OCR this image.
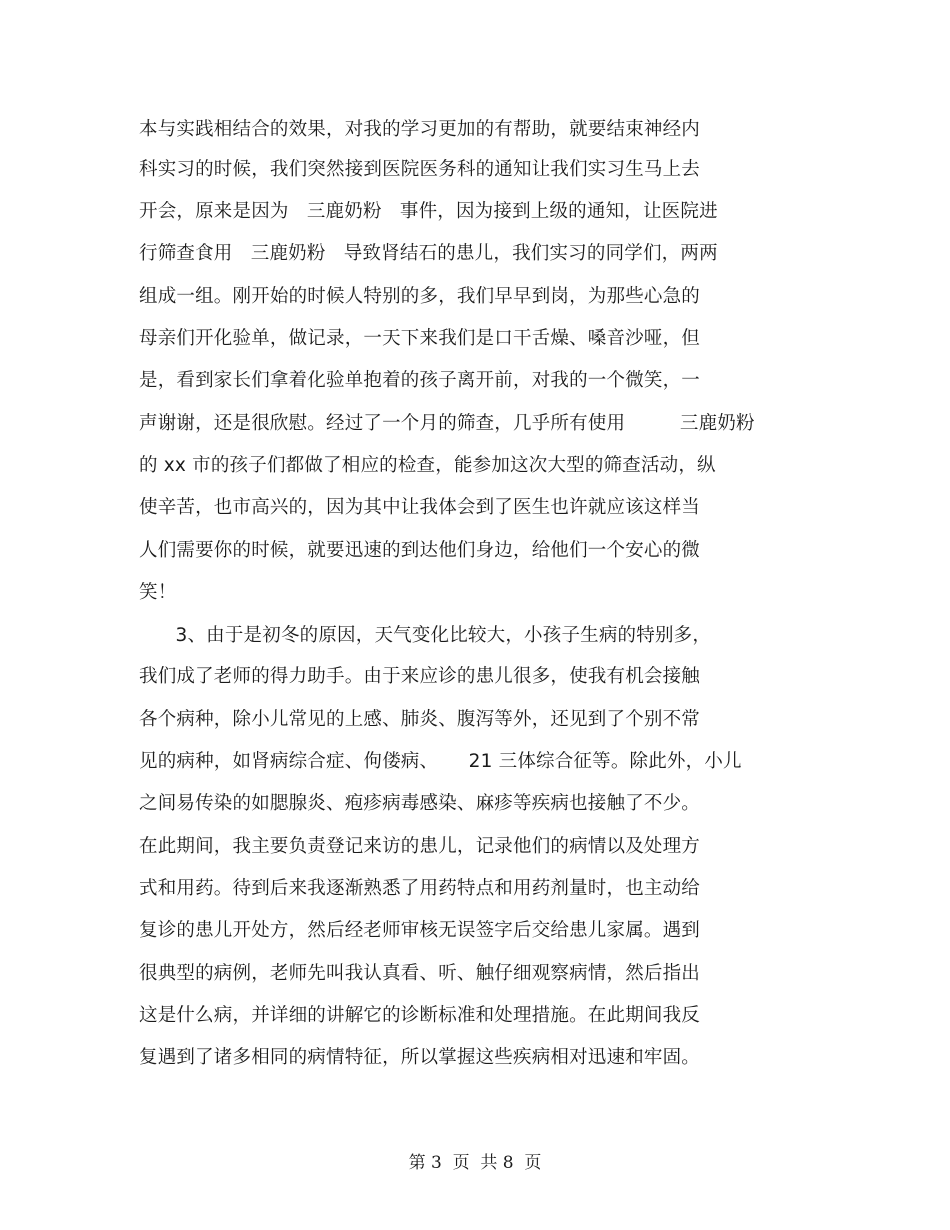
本与实践相结合的效果，对我的学习更加的有帮助，就要结束神经内
科实习的时候，我们突然接到医院医务科的通知让我们实习生马上去
开会，原来是因为   三鹿奶粉   事件，因为接到上级的通知，让医院进
行筛查食用   三鹿奶粉   导致肾结石的患儿，我们实习的同学们，两两
组成一组。刚开始的时候人特别的多，我们早早到岗，为那些心急的
母亲们开化验单，做记录，一天下来我们是口干舌燥、嗓音沙哑，但
是，看到家长们拿着化验单抱着的孩子离开前，对我的一个微笑，一
声谢谢，还是很欣慰。经过了一个月的筛查，几乎所有使用         三鹿奶粉
的 xx 市的孩子们都做了相应的检查，能参加这次大型的筛查活动，纵
使辛苦，也市高兴的，因为其中让我体会到了医生也许就应该这样当
人们需要你的时候，就要迅速的到达他们身边，给他们一个安心的微
笑！
3、由于是初冬的原因，天气变化比较大，小孩子生病的特别多，
我们成了老师的得力助手。由于来应诊的患儿很多，使我有机会接触
各个病种，除小儿常见的上感、肺炎、腹泻等外，还见到了个别不常
见的病种，如肾病综合症、佝偻病、     21 三体综合征等。除此外，小儿
之间易传染的如腮腺炎、疱疹病毒感染、麻疹等疾病也接触了不少。
在此期间，我主要负责登记来访的患儿，记录他们的病情以及处理方
式和用药。待到后来我逐渐熟悉了用药特点和用药剂量时，也主动给
复诊的患儿开处方，然后经老师审核无误签字后交给患儿家属。遇到
很典型的病例，老师先叫我认真看、听、触仔细观察病情，然后指出
这是什么病，并详细的讲解它的诊断标准和处理措施。在此期间我反
复遇到了诸多相同的病情特征，所以掌握这些疾病相对迅速和牢固。
第 3  页  共 8  页
